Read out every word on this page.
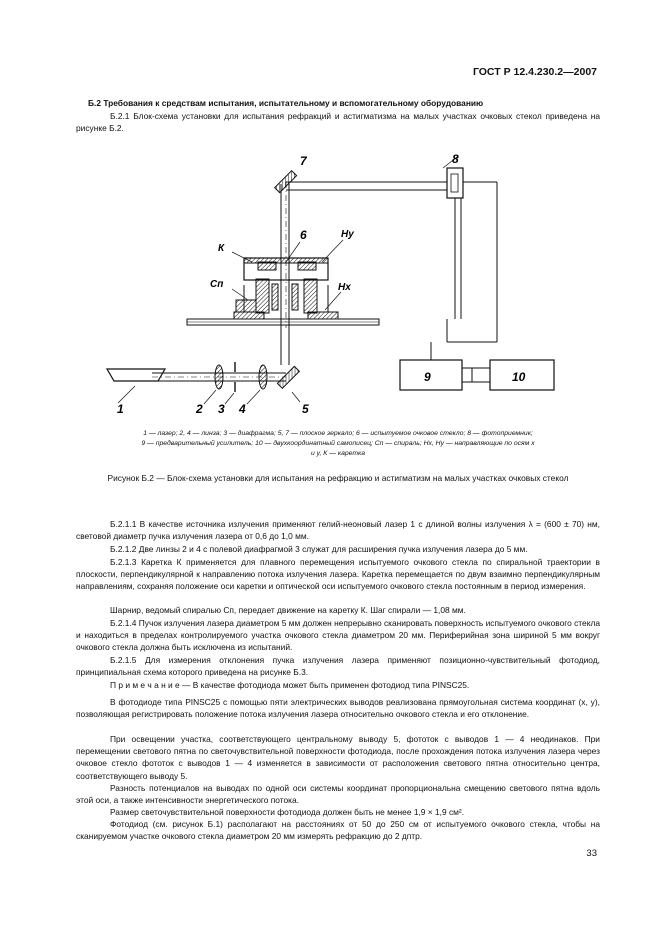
ГОСТ Р 12.4.230.2—2007
Б.2 Требования к средствам испытания, испытательному и вспомогательному оборудованию

Б.2.1 Блок-схема установки для испытания рефракций и астигматизма на малых участках очковых стекол приведена на рисунке Б.2.

7	8
6
К
Hy
Сп	Hx
9	10
1	2 3 4	5
1 — лазер; 2, 4 — линза; 3 — диафрагма; 5, 7 — плоское зеркало; 6 — испытуемое очковое стекло; 8 — фотоприемник;
9 — предварительный усилитель; 10 — двухкоординатный самописец; Сп — спираль; Hx, Hy — направляющие по осям x
и y, К — каретка
Рисунок Б.2 — Блок-схема установки для испытания на рефракцию и астигматизм на малых участках очковых стекол

Б.2.1.1 В качестве источника излучения применяют гелий-неоновый лазер 1 с длиной волны излучения λ = (600 ± 70) нм, световой диаметр пучка излучения лазера от 0,6 до 1,0 мм.

Б.2.1.2 Две линзы 2 и 4 с полевой диафрагмой 3 служат для расширения пучка излучения лазера до 5 мм.

Б.2.1.3 Каретка К применяется для плавного перемещения испытуемого очкового стекла по спиральной траектории в плоскости, перпендикулярной к направлению потока излучения лазера. Каретка перемещается по двум взаимно перпендикулярным направлениям, сохраняя положение оси каретки и оптической оси испытуемого очкового стекла постоянным в период измерения.

Шарнир, ведомый спиралью Сп, передает движение на каретку К. Шаг спирали — 1,08 мм.

Б.2.1.4 Пучок излучения лазера диаметром 5 мм должен непрерывно сканировать поверхность испытуемого очкового стекла и находиться в пределах контролируемого участка очкового стекла диаметром 20 мм. Периферийная зона шириной 5 мм вокруг очкового стекла должна быть исключена из испытаний.

Б.2.1.5 Для измерения отклонения пучка излучения лазера применяют позиционно-чувствительный фотодиод, принципиальная схема которого приведена на рисунке Б.3.

П р и м е ч а н и е — В качестве фотодиода может быть применен фотодиод типа PINSC25.

В фотодиоде типа PINSC25 с помощью пяти электрических выводов реализована прямоугольная система координат (x, y), позволяющая регистрировать положение потока излучения лазера относительно очкового стекла и его отклонение.

При освещении участка, соответствующего центральному выводу 5, фототок с выводов 1 — 4 неодинаков. При перемещении светового пятна по светочувствительной поверхности фотодиода, после прохождения потока излучения лазера через очковое стекло фототок с выводов 1 — 4 изменяется в зависимости от расположения светового пятна относительно центра, соответствующего выводу 5.

Разность потенциалов на выводах по одной оси системы координат пропорциональна смещению светового пятна вдоль этой оси, а также интенсивности энергетического потока.

Размер светочувствительной поверхности фотодиода должен быть не менее 1,9 × 1,9 см².

Фотодиод (см. рисунок Б.1) располагают на расстояниях от 50 до 250 см от испытуемого очкового стекла, чтобы на сканируемом участке очкового стекла диаметром 20 мм измерять рефракцию до 2 дптр.

33
